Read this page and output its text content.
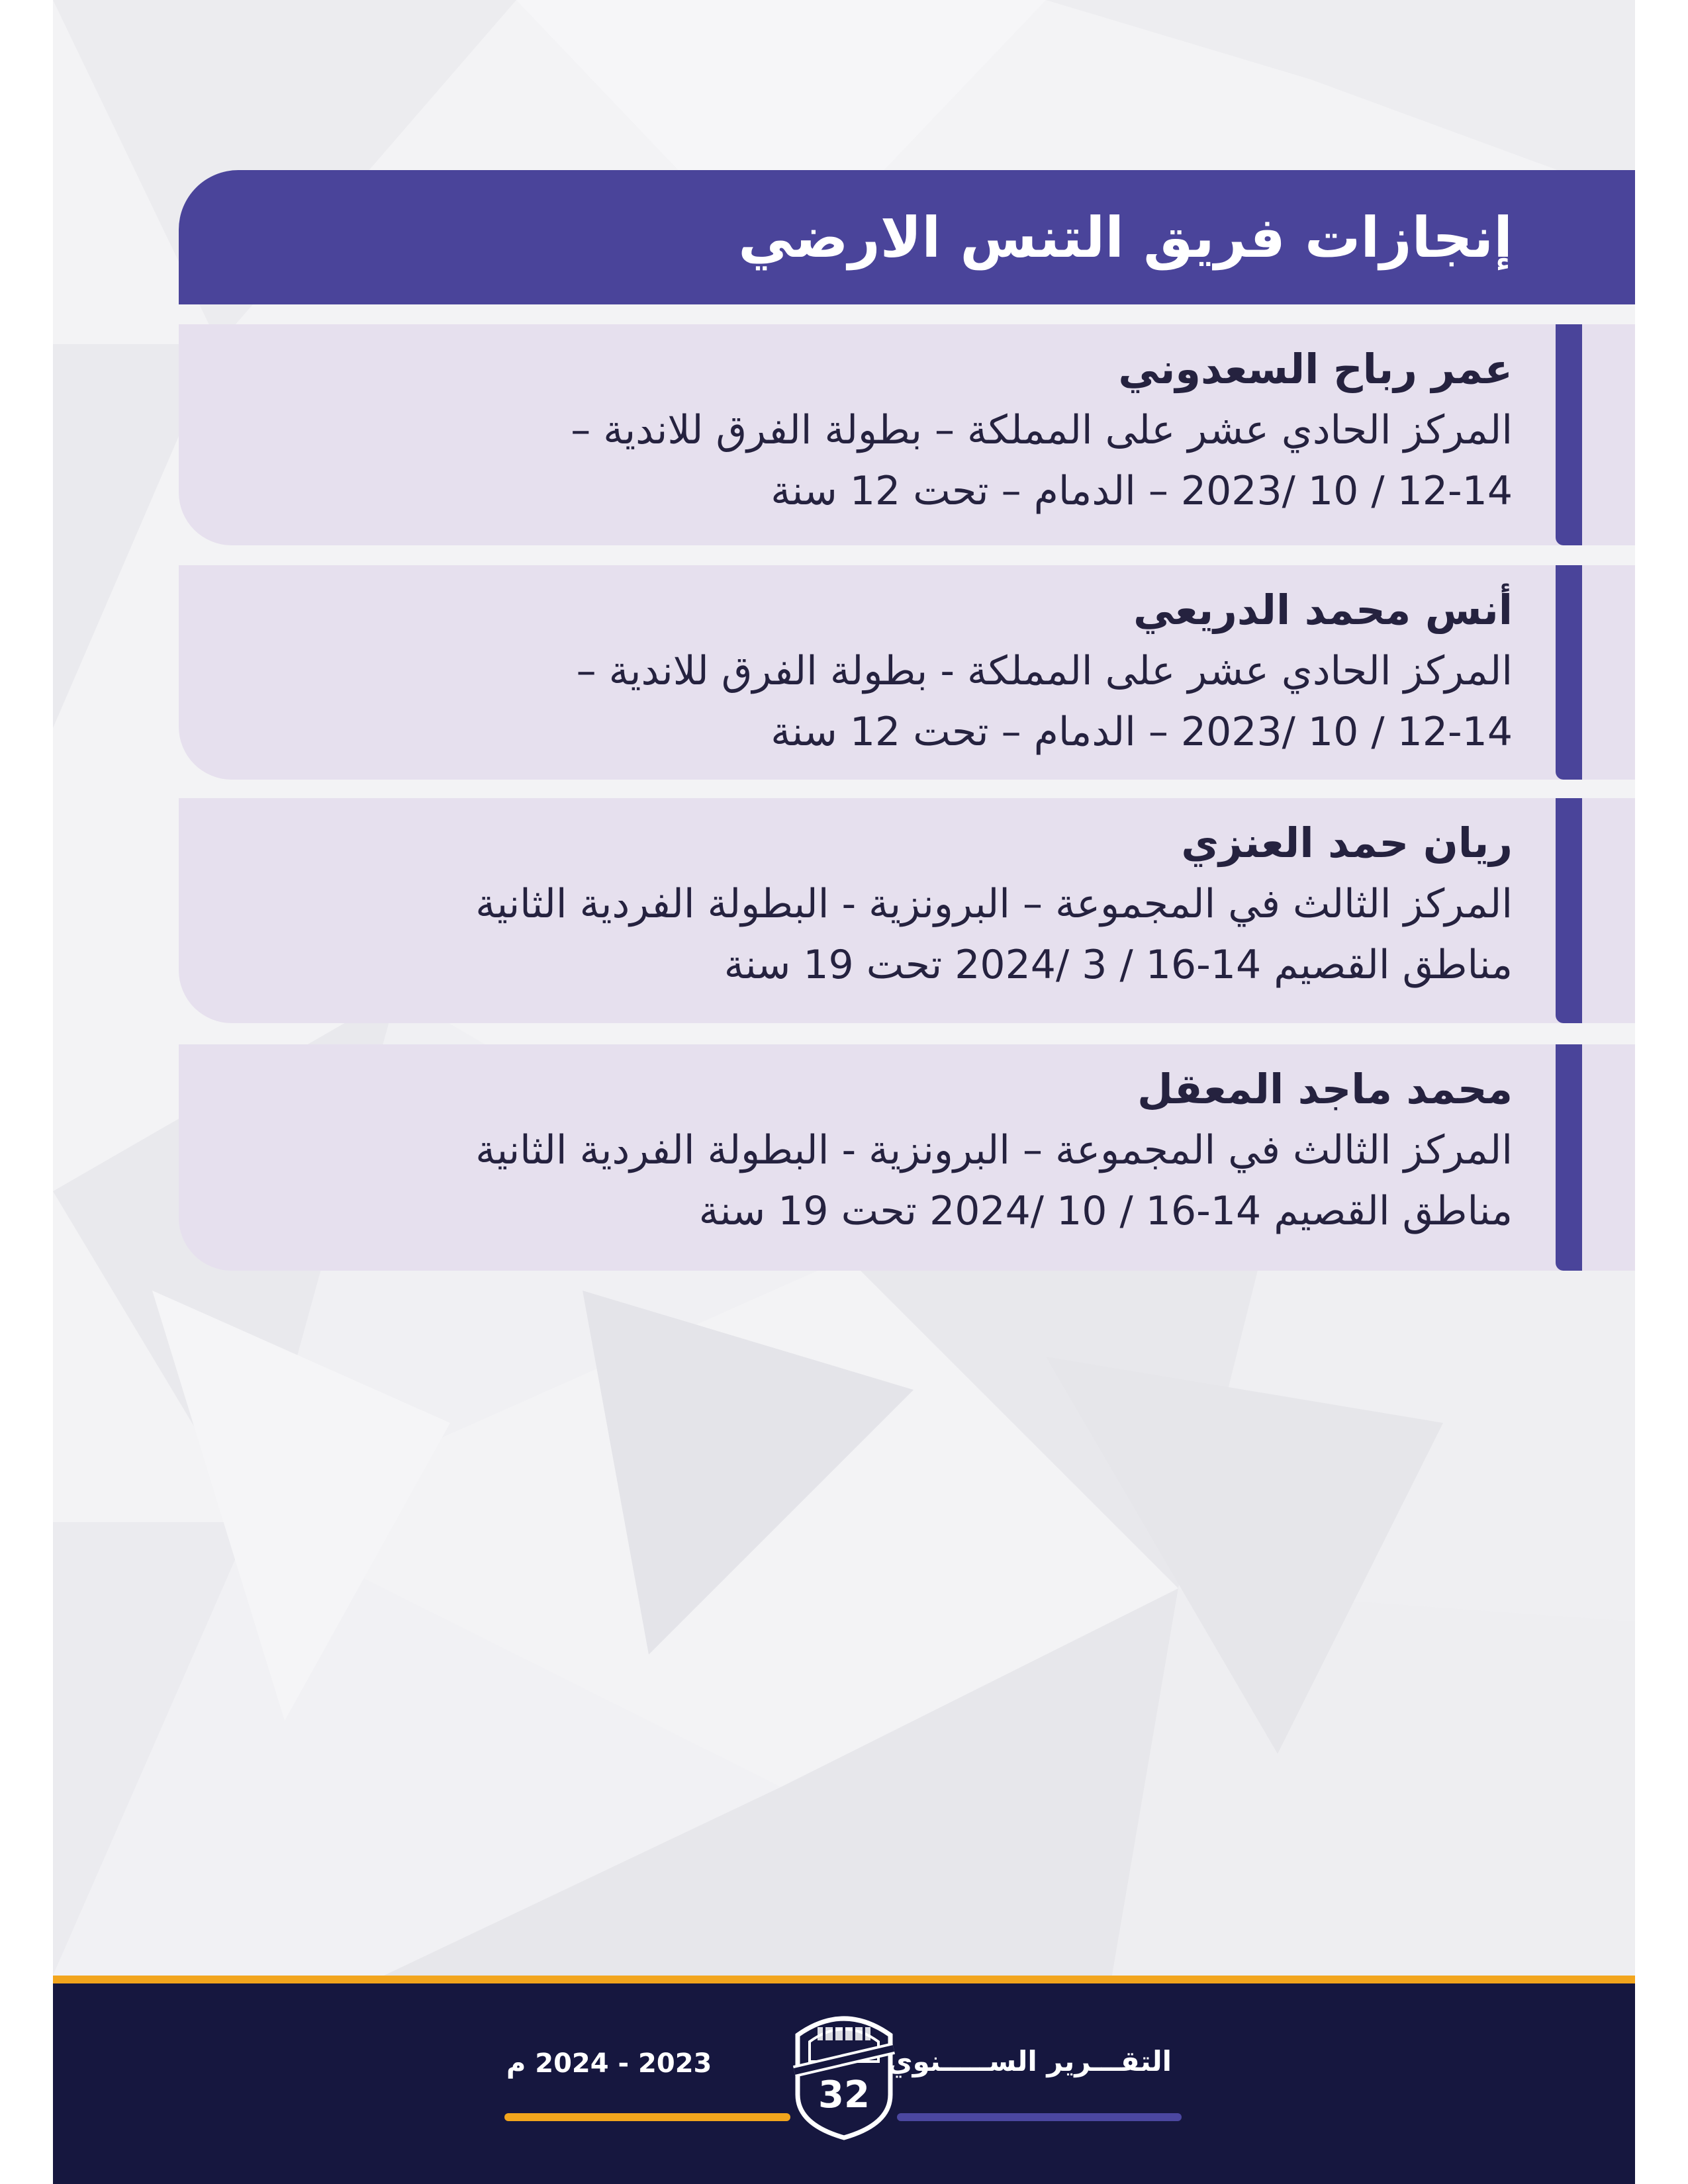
إنجازات فريق التنس الارضي
عمر رباح السعدوني
المركز الحادي عشر على المملكة – بطولة الفرق للاندية –
12-14 / 10 /2023 – الدمام – تحت 12 سنة
أنس محمد الدريعي
المركز الحادي عشر على المملكة - بطولة الفرق للاندية –
12-14 / 10 /2023 – الدمام – تحت 12 سنة
ريان حمد العنزي
المركز الثالث في المجموعة – البرونزية - البطولة الفردية الثانية
مناطق القصيم 14-16 / 3 /2024 تحت 19 سنة
محمد ماجد المعقل
المركز الثالث في المجموعة – البرونزية - البطولة الفردية الثانية
مناطق القصيم 14-16 / 10 /2024 تحت 19 سنة
التقـــرير الســـــنوي
32
2023 - 2024 م
